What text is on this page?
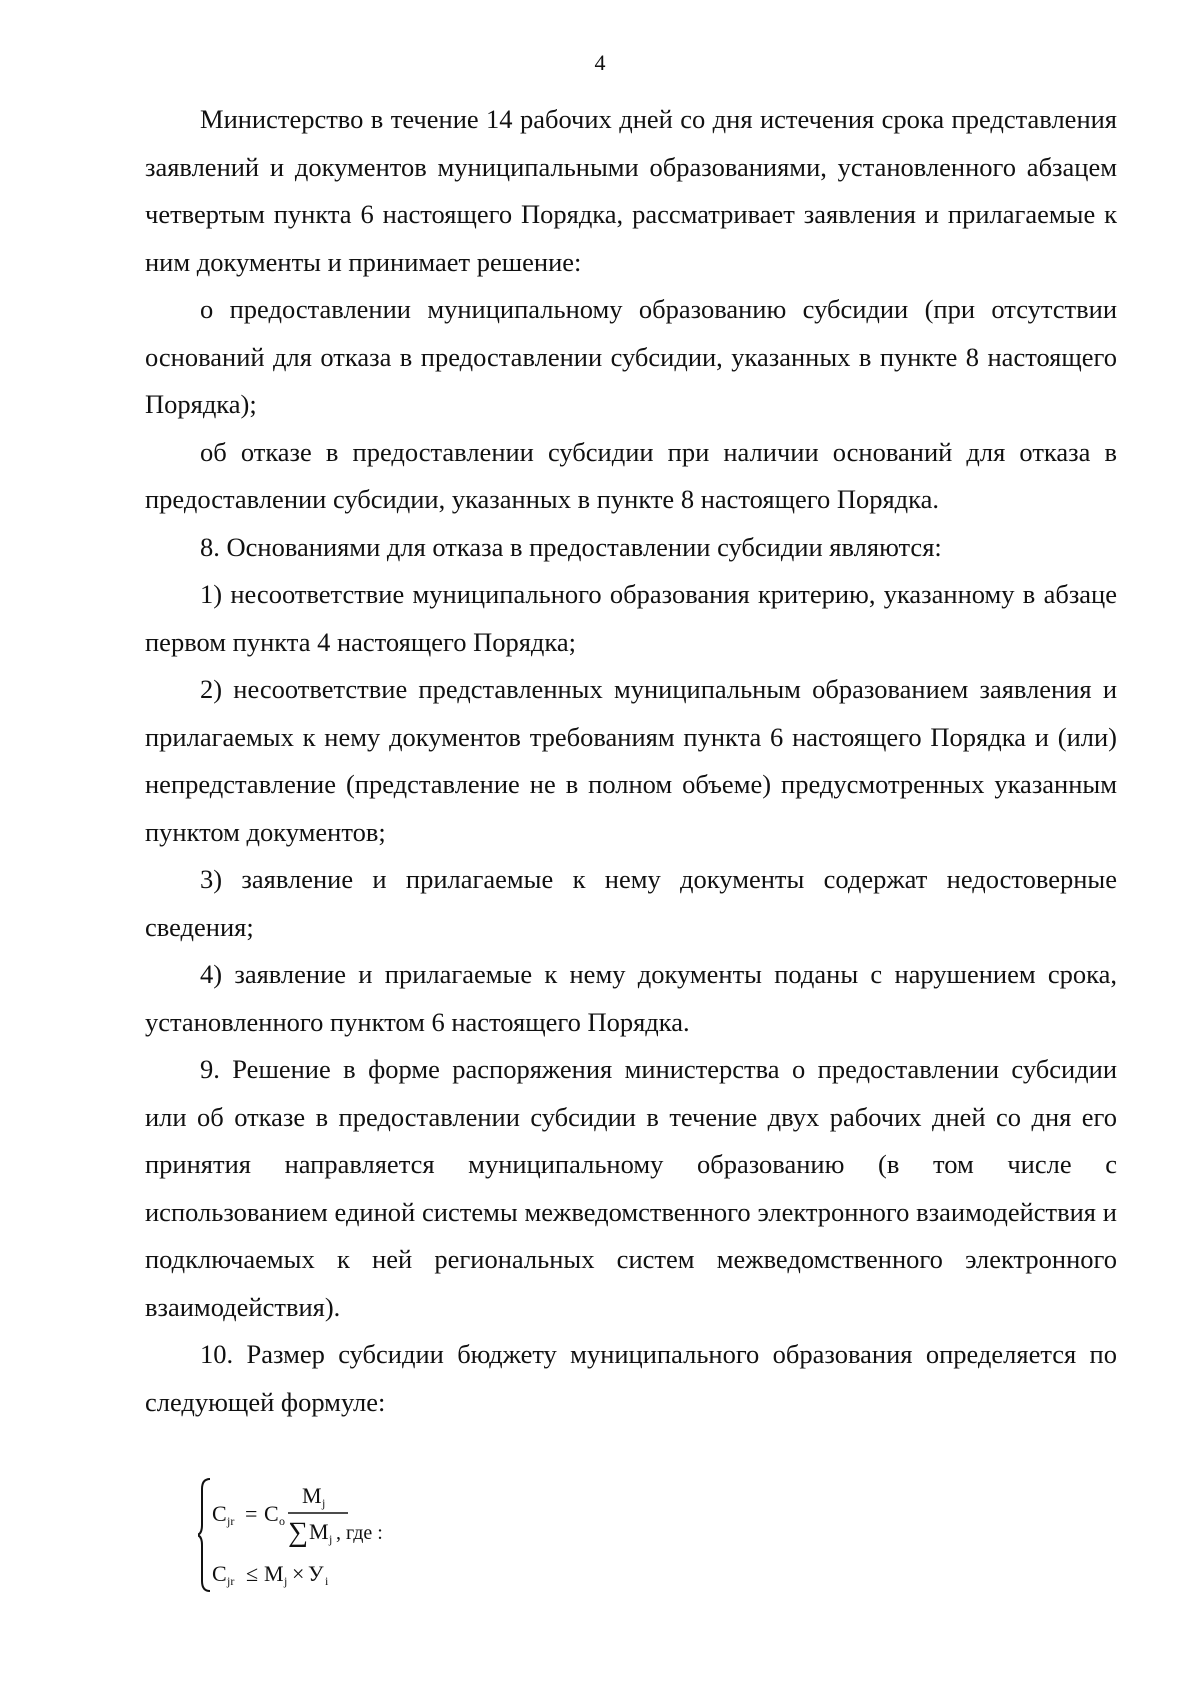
4

Министерство в течение 14 рабочих дней со дня истечения срока представления заявлений и документов муниципальными образованиями, установленного абзацем четвертым пункта 6 настоящего Порядка, рассматривает заявления и прилагаемые к ним документы и принимает решение:

о предоставлении муниципальному образованию субсидии (при отсутствии оснований для отказа в предоставлении субсидии, указанных в пункте 8 настоящего Порядка);

об отказе в предоставлении субсидии при наличии оснований для отказа в предоставлении субсидии, указанных в пункте 8 настоящего Порядка.

8. Основаниями для отказа в предоставлении субсидии являются:

1) несоответствие муниципального образования критерию, указанному в абзаце первом пункта 4 настоящего Порядка;

2) несоответствие представленных муниципальным образованием заявления и прилагаемых к нему документов требованиям пункта 6 настоящего Порядка и (или) непредставление (представление не в полном объеме) предусмотренных указанным пунктом документов;

3) заявление и прилагаемые к нему документы содержат недостоверные сведения;

4) заявление и прилагаемые к нему документы поданы с нарушением срока, установленного пунктом 6 настоящего Порядка.

9. Решение в форме распоряжения министерства о предоставлении субсидии или об отказе в предоставлении субсидии в течение двух рабочих дней со дня его принятия направляется муниципальному образованию (в том числе с использованием единой системы межведомственного электронного взаимодействия и подключаемых к ней региональных систем межведомственного электронного взаимодействия).

10. Размер субсидии бюджету муниципального образования определяется по следующей формуле:

C jr = C o
M j
∑ M j , где :
C jr ≤ M j × У i
